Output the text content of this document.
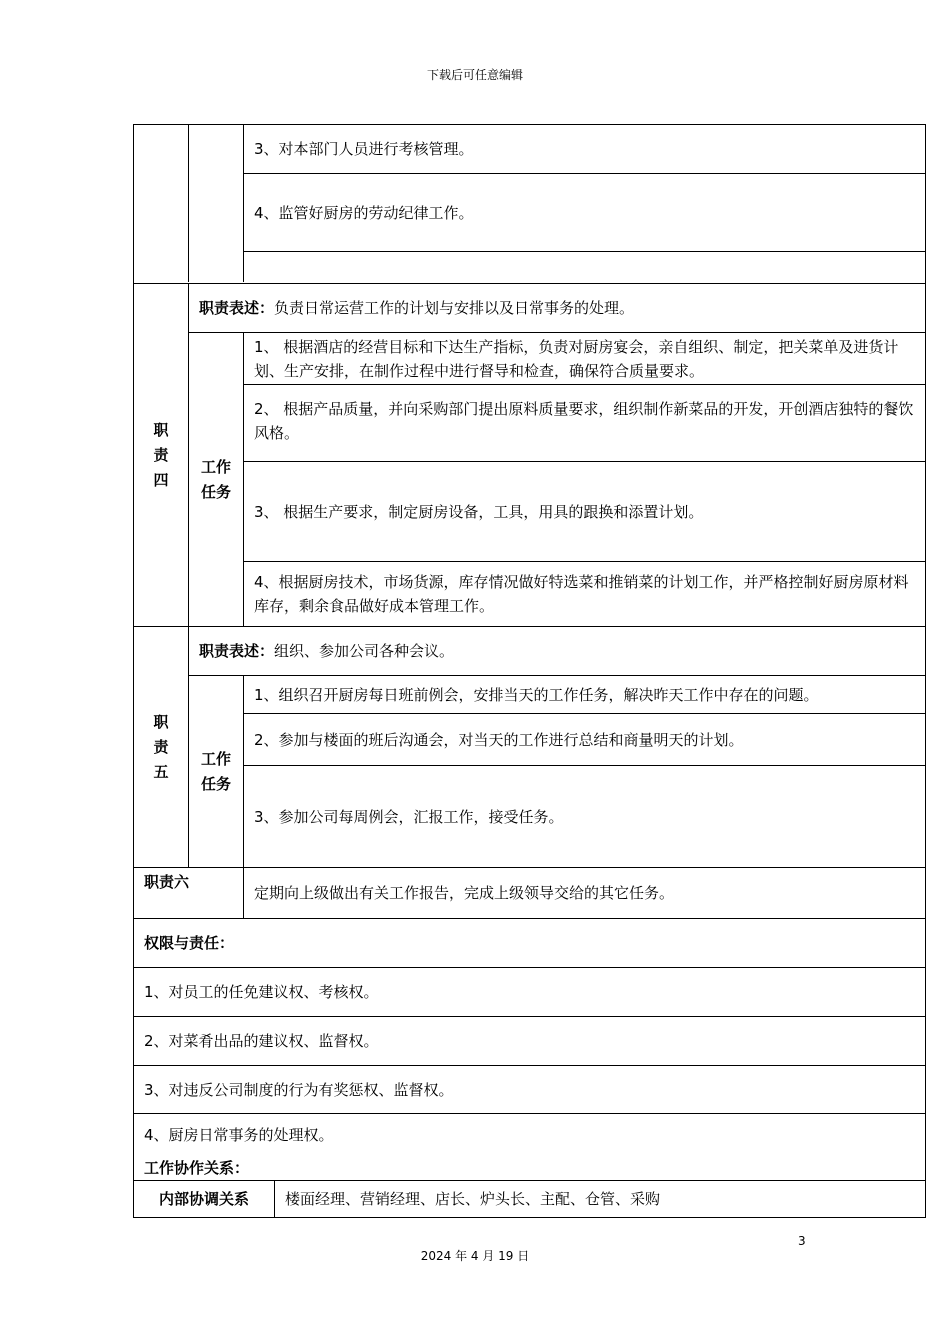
下载后可任意编辑
3、对本部门人员进行考核管理。
4、监管好厨房的劳动纪律工作。
职
责
四
职责表述： 负责日常运营工作的计划与安排以及日常事务的处理。
工作
任务
1、 根据酒店的经营目标和下达生产指标，负责对厨房宴会，亲自组织、制定，把关菜单及进货计划、生产安排，在制作过程中进行督导和检查，确保符合质量要求。
2、 根据产品质量，并向采购部门提出原料质量要求，组织制作新菜品的开发，开创酒店独特的餐饮风格。
3、 根据生产要求，制定厨房设备，工具，用具的跟换和添置计划。
4、根据厨房技术，市场货源，库存情况做好特选菜和推销菜的计划工作，并严格控制好厨房原材料库存，剩余食品做好成本管理工作。
职
责
五
职责表述： 组织、参加公司各种会议。
工作
任务
1、组织召开厨房每日班前例会，安排当天的工作任务，解决昨天工作中存在的问题。
2、参加与楼面的班后沟通会，对当天的工作进行总结和商量明天的计划。
3、参加公司每周例会，汇报工作，接受任务。
职责六
定期向上级做出有关工作报告，完成上级领导交给的其它任务。
权限与责任：
1、对员工的任免建议权、考核权。
2、对菜肴出品的建议权、监督权。
3、对违反公司制度的行为有奖惩权、监督权。
4、厨房日常事务的处理权。
工作协作关系：
内部协调关系	楼面经理、营销经理、店长、炉头长、主配、仓管、采购
3
2024 年 4 月 19 日
